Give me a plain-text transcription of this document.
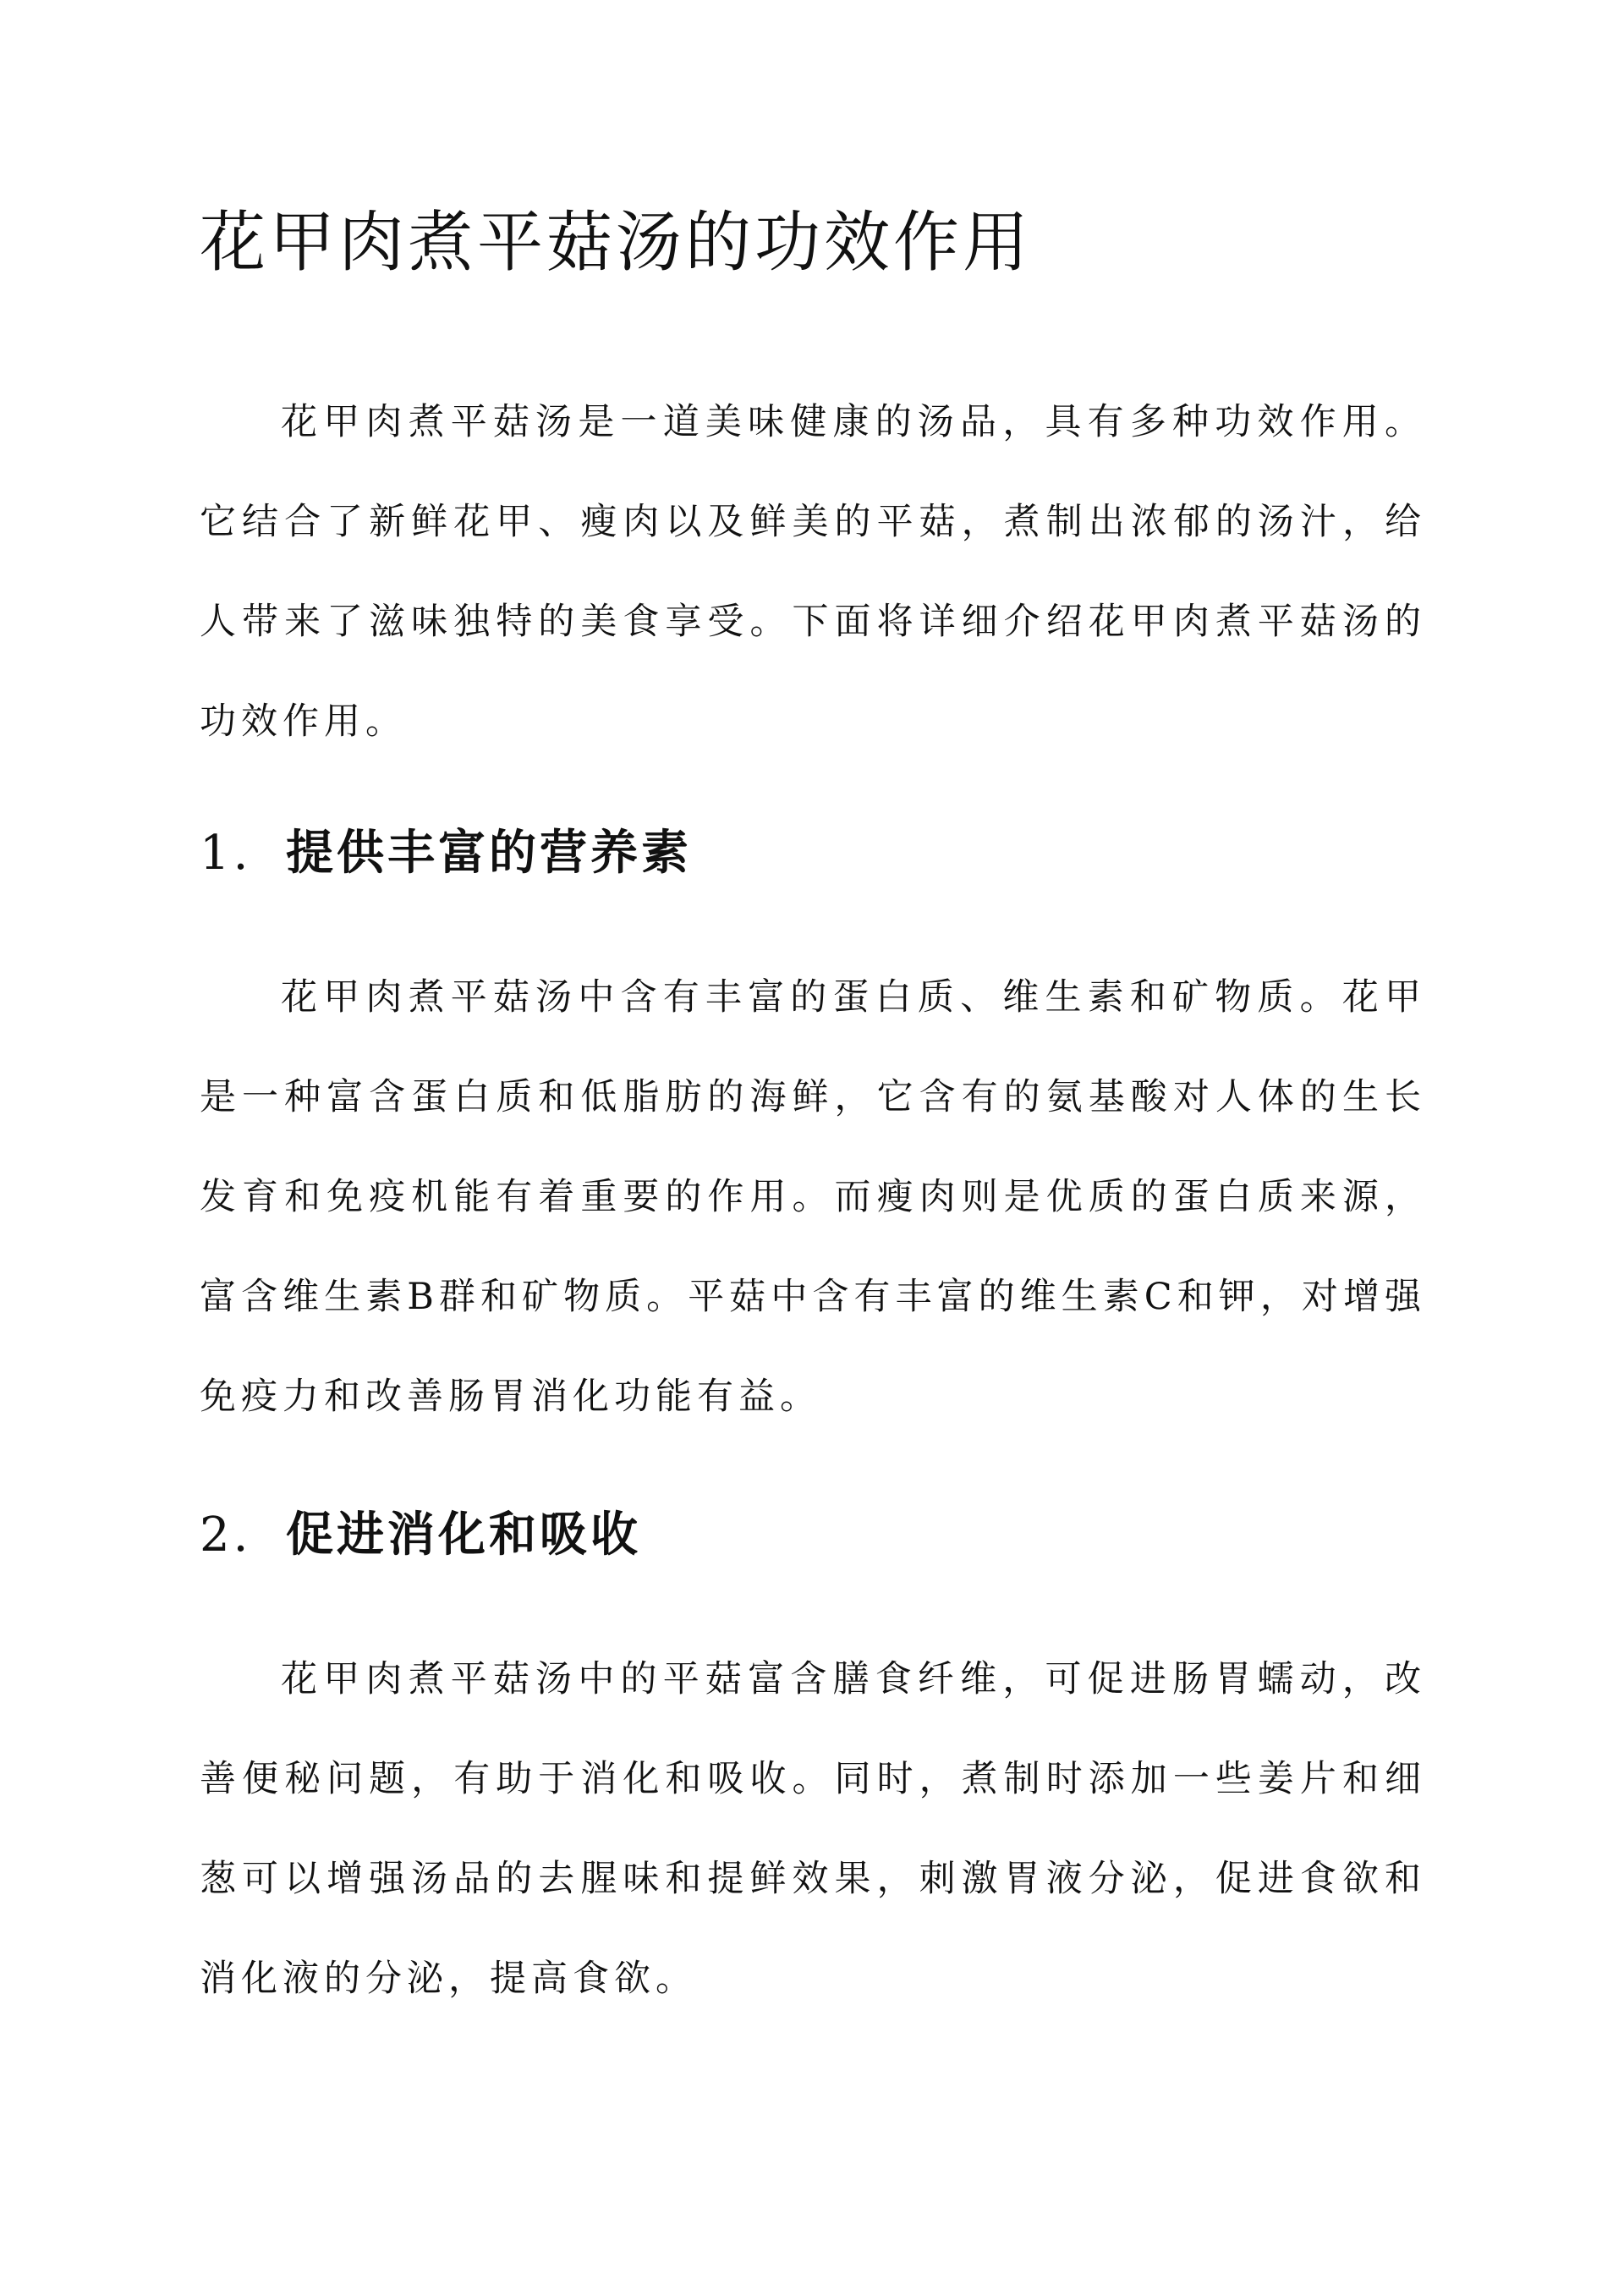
花甲肉煮平菇汤的功效作用

花甲肉煮平菇汤是一道美味健康的汤品，具有多种功效作用。它结合了新鲜花甲、瘦肉以及鲜美的平菇，煮制出浓郁的汤汁，给人带来了滋味独特的美食享受。下面将详细介绍花甲肉煮平菇汤的功效作用。

1. 提供丰富的营养素

花甲肉煮平菇汤中含有丰富的蛋白质、维生素和矿物质。花甲是一种富含蛋白质和低脂肪的海鲜，它含有的氨基酸对人体的生长发育和免疫机能有着重要的作用。而瘦肉则是优质的蛋白质来源，富含维生素B群和矿物质。平菇中含有丰富的维生素C和钾，对增强免疫力和改善肠胃消化功能有益。

2. 促进消化和吸收

花甲肉煮平菇汤中的平菇富含膳食纤维，可促进肠胃蠕动，改善便秘问题，有助于消化和吸收。同时，煮制时添加一些姜片和细葱可以增强汤品的去腥味和提鲜效果，刺激胃液分泌，促进食欲和消化液的分泌，提高食欲。
